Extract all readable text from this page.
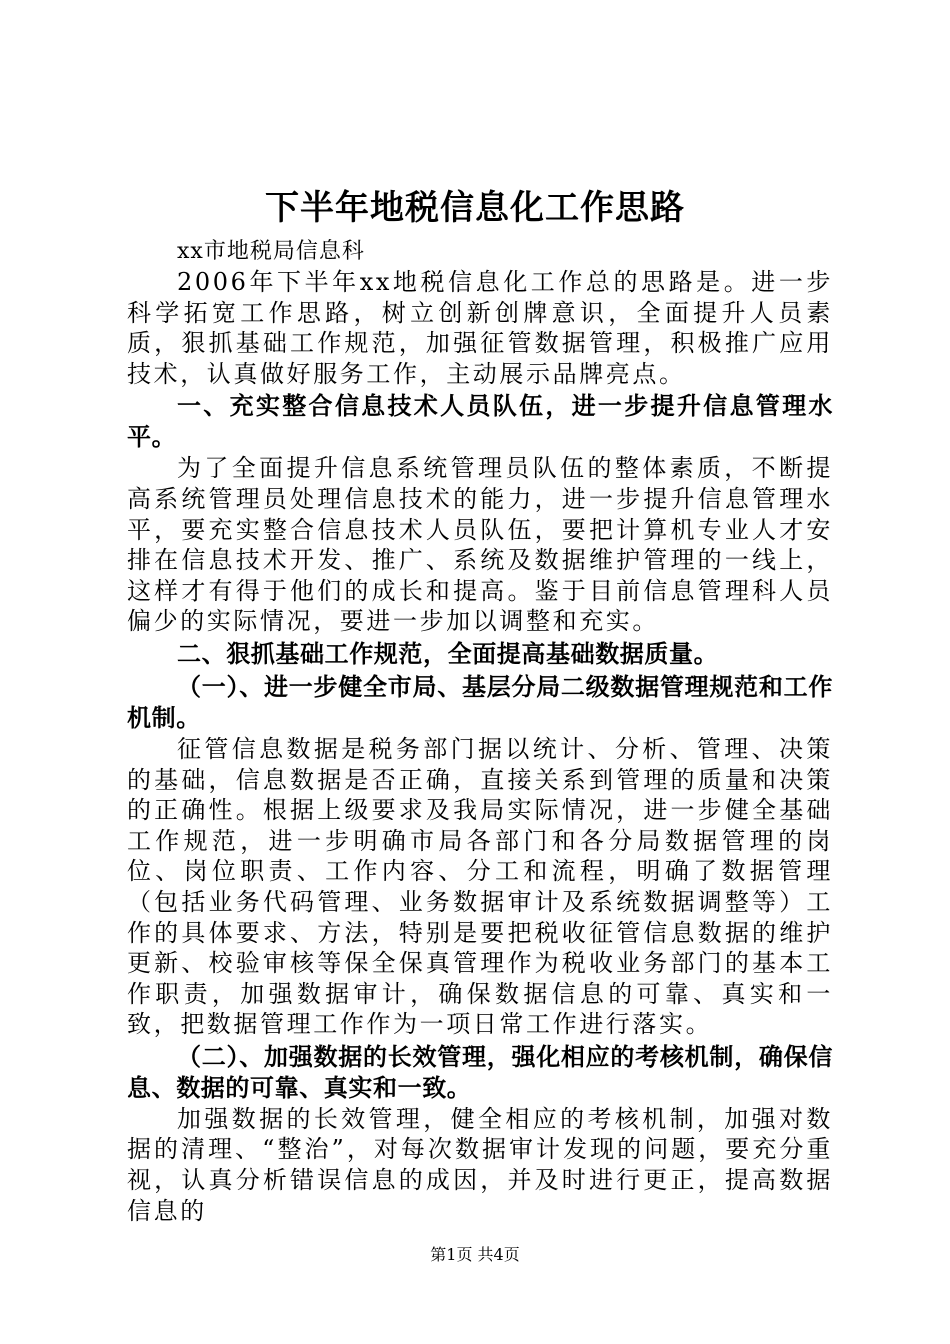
下半年地税信息化工作思路

xx市地税局信息科

2006年下半年xx地税信息化工作总的思路是。进一步科学拓宽工作思路，树立创新创牌意识，全面提升人员素质，狠抓基础工作规范，加强征管数据管理，积极推广应用技术，认真做好服务工作，主动展示品牌亮点。

一、充实整合信息技术人员队伍，进一步提升信息管理水平。

为了全面提升信息系统管理员队伍的整体素质，不断提高系统管理员处理信息技术的能力，进一步提升信息管理水平，要充实整合信息技术人员队伍，要把计算机专业人才安排在信息技术开发、推广、系统及数据维护管理的一线上，这样才有得于他们的成长和提高。鉴于目前信息管理科人员偏少的实际情况，要进一步加以调整和充实。

二、狠抓基础工作规范，全面提高基础数据质量。

（一）、进一步健全市局、基层分局二级数据管理规范和工作机制。

征管信息数据是税务部门据以统计、分析、管理、决策的基础，信息数据是否正确，直接关系到管理的质量和决策的正确性。根据上级要求及我局实际情况，进一步健全基础工作规范，进一步明确市局各部门和各分局数据管理的岗位、岗位职责、工作内容、分工和流程，明确了数据管理（包括业务代码管理、业务数据审计及系统数据调整等）工作的具体要求、方法，特别是要把税收征管信息数据的维护更新、校验审核等保全保真管理作为税收业务部门的基本工作职责，加强数据审计，确保数据信息的可靠、真实和一致，把数据管理工作作为一项日常工作进行落实。

（二）、加强数据的长效管理，强化相应的考核机制，确保信息、数据的可靠、真实和一致。

加强数据的长效管理，健全相应的考核机制，加强对数据的清理、“整治”，对每次数据审计发现的问题，要充分重视，认真分析错误信息的成因，并及时进行更正，提高数据信息的

第1页 共4页
